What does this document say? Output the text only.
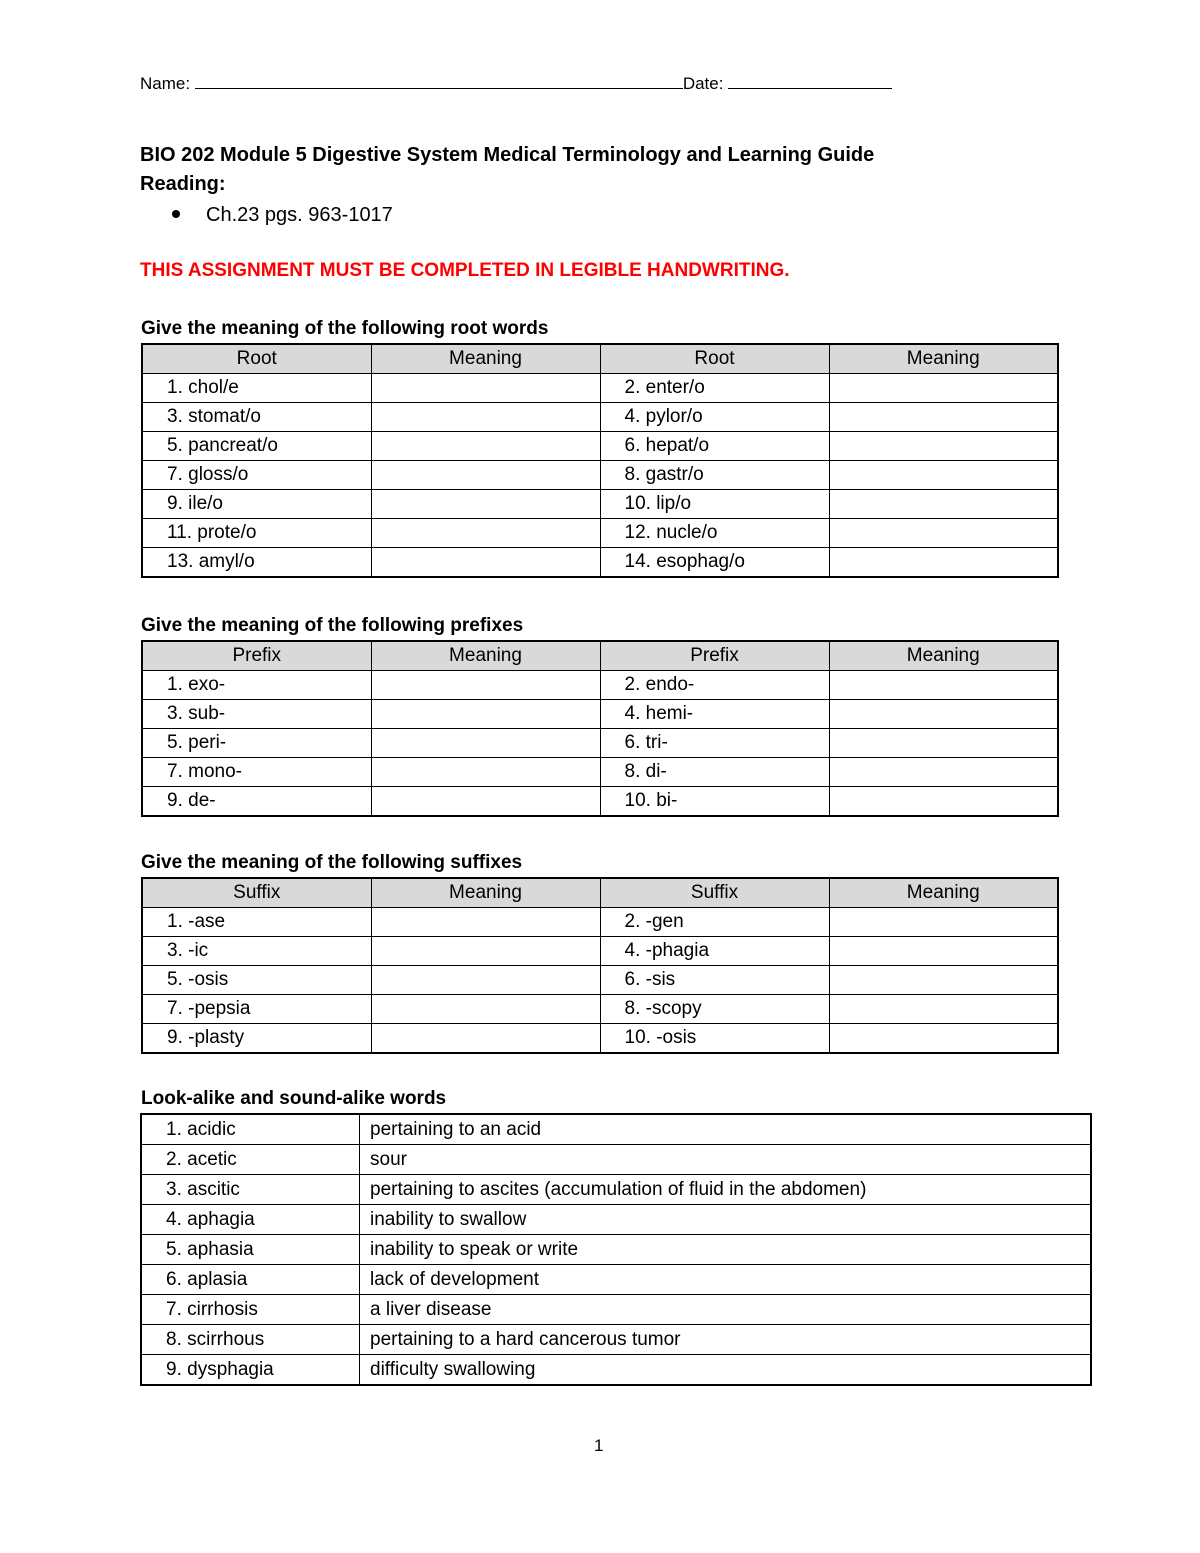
Name:	Date:
BIO 202 Module 5 Digestive System Medical Terminology and Learning Guide
Reading:
Ch.23 pgs. 963-1017
THIS ASSIGNMENT MUST BE COMPLETED IN LEGIBLE HANDWRITING.
Give the meaning of the following root words
Root	Meaning	Root	Meaning
1. chol/e		2. enter/o	
3. stomat/o		4. pylor/o	
5. pancreat/o		6. hepat/o	
7. gloss/o		8. gastr/o	
9. ile/o		10. lip/o	
11. prote/o		12. nucle/o	
13. amyl/o		14. esophag/o	
Give the meaning of the following prefixes
Prefix	Meaning	Prefix	Meaning
1. exo-		2. endo-	
3. sub-		4. hemi-	
5. peri-		6. tri-	
7. mono-		8. di-	
9. de-		10. bi-	
Give the meaning of the following suffixes
Suffix	Meaning	Suffix	Meaning
1. -ase		2. -gen	
3. -ic		4. -phagia	
5. -osis		6. -sis	
7. -pepsia		8. -scopy	
9. -plasty		10. -osis	
Look-alike and sound-alike words
1. acidic	pertaining to an acid
2. acetic	sour
3. ascitic	pertaining to ascites (accumulation of fluid in the abdomen)
4. aphagia	inability to swallow
5. aphasia	inability to speak or write
6. aplasia	lack of development
7. cirrhosis	a liver disease
8. scirrhous	pertaining to a hard cancerous tumor
9. dysphagia	difficulty swallowing
1
